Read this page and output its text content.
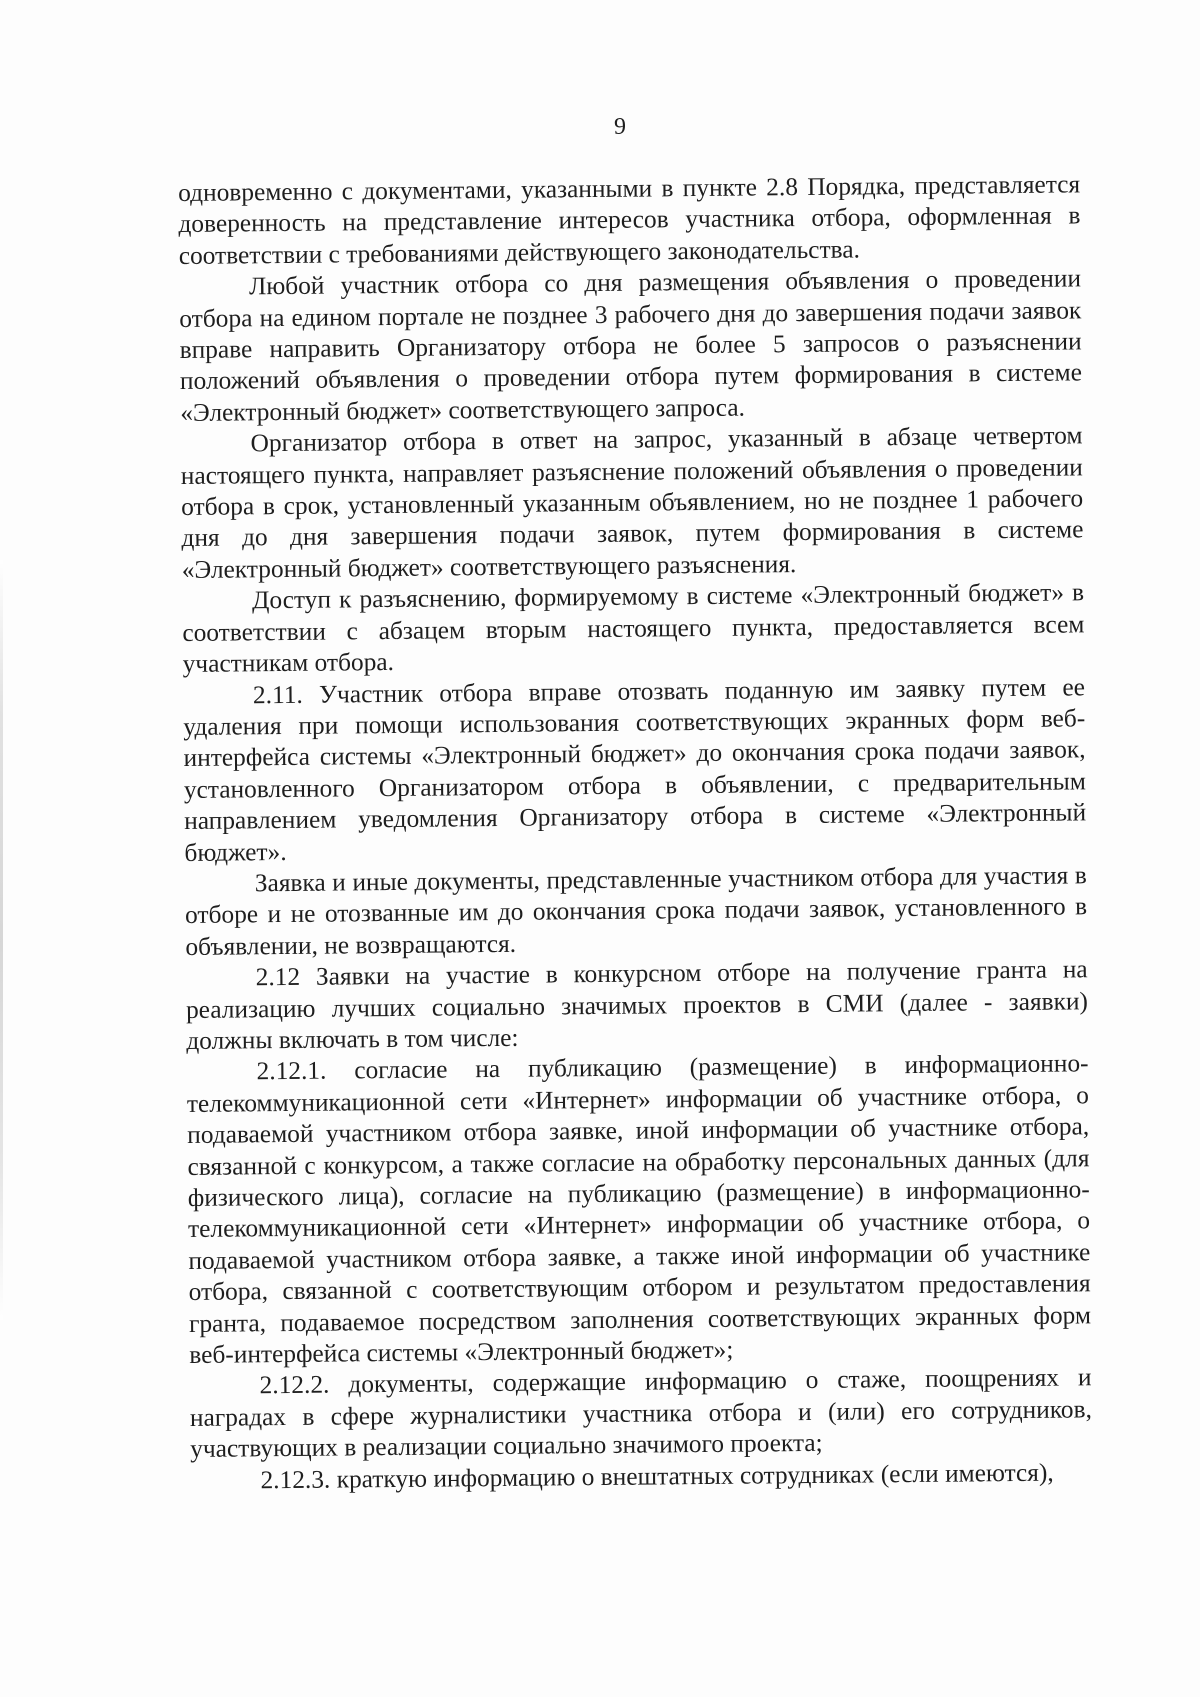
9

одновременно с документами, указанными в пункте 2.8 Порядка, представляется доверенность на представление интересов участника отбора, оформленная в соответствии с требованиями действующего законодательства.

Любой участник отбора со дня размещения объявления о проведении отбора на едином портале не позднее 3 рабочего дня до завершения подачи заявок вправе направить Организатору отбора не более 5 запросов о разъяснении положений объявления о проведении отбора путем формирования в системе «Электронный бюджет» соответствующего запроса.

Организатор отбора в ответ на запрос, указанный в абзаце четвертом настоящего пункта, направляет разъяснение положений объявления о проведении отбора в срок, установленный указанным объявлением, но не позднее 1 рабочего дня до дня завершения подачи заявок, путем формирования в системе «Электронный бюджет» соответствующего разъяснения.

Доступ к разъяснению, формируемому в системе «Электронный бюджет» в соответствии с абзацем вторым настоящего пункта, предоставляется всем участникам отбора.

2.11. Участник отбора вправе отозвать поданную им заявку путем ее удаления при помощи использования соответствующих экранных форм веб-интерфейса системы «Электронный бюджет» до окончания срока подачи заявок, установленного Организатором отбора в объявлении, с предварительным направлением уведомления Организатору отбора в системе «Электронный бюджет».

Заявка и иные документы, представленные участником отбора для участия в отборе и не отозванные им до окончания срока подачи заявок, установленного в объявлении, не возвращаются.

2.12 Заявки на участие в конкурсном отборе на получение гранта на реализацию лучших социально значимых проектов в СМИ (далее - заявки) должны включать в том числе:

2.12.1. согласие на публикацию (размещение) в информационно-телекоммуникационной сети «Интернет» информации об участнике отбора, о подаваемой участником отбора заявке, иной информации об участнике отбора, связанной с конкурсом, а также согласие на обработку персональных данных (для физического лица), согласие на публикацию (размещение) в информационно-телекоммуникационной сети «Интернет» информации об участнике отбора, о подаваемой участником отбора заявке, а также иной информации об участнике отбора, связанной с соответствующим отбором и результатом предоставления гранта, подаваемое посредством заполнения соответствующих экранных форм веб-интерфейса системы «Электронный бюджет»;

2.12.2. документы, содержащие информацию о стаже, поощрениях и наградах в сфере журналистики участника отбора и (или) его сотрудников, участвующих в реализации социально значимого проекта;

2.12.3. краткую информацию о внештатных сотрудниках (если имеются),
